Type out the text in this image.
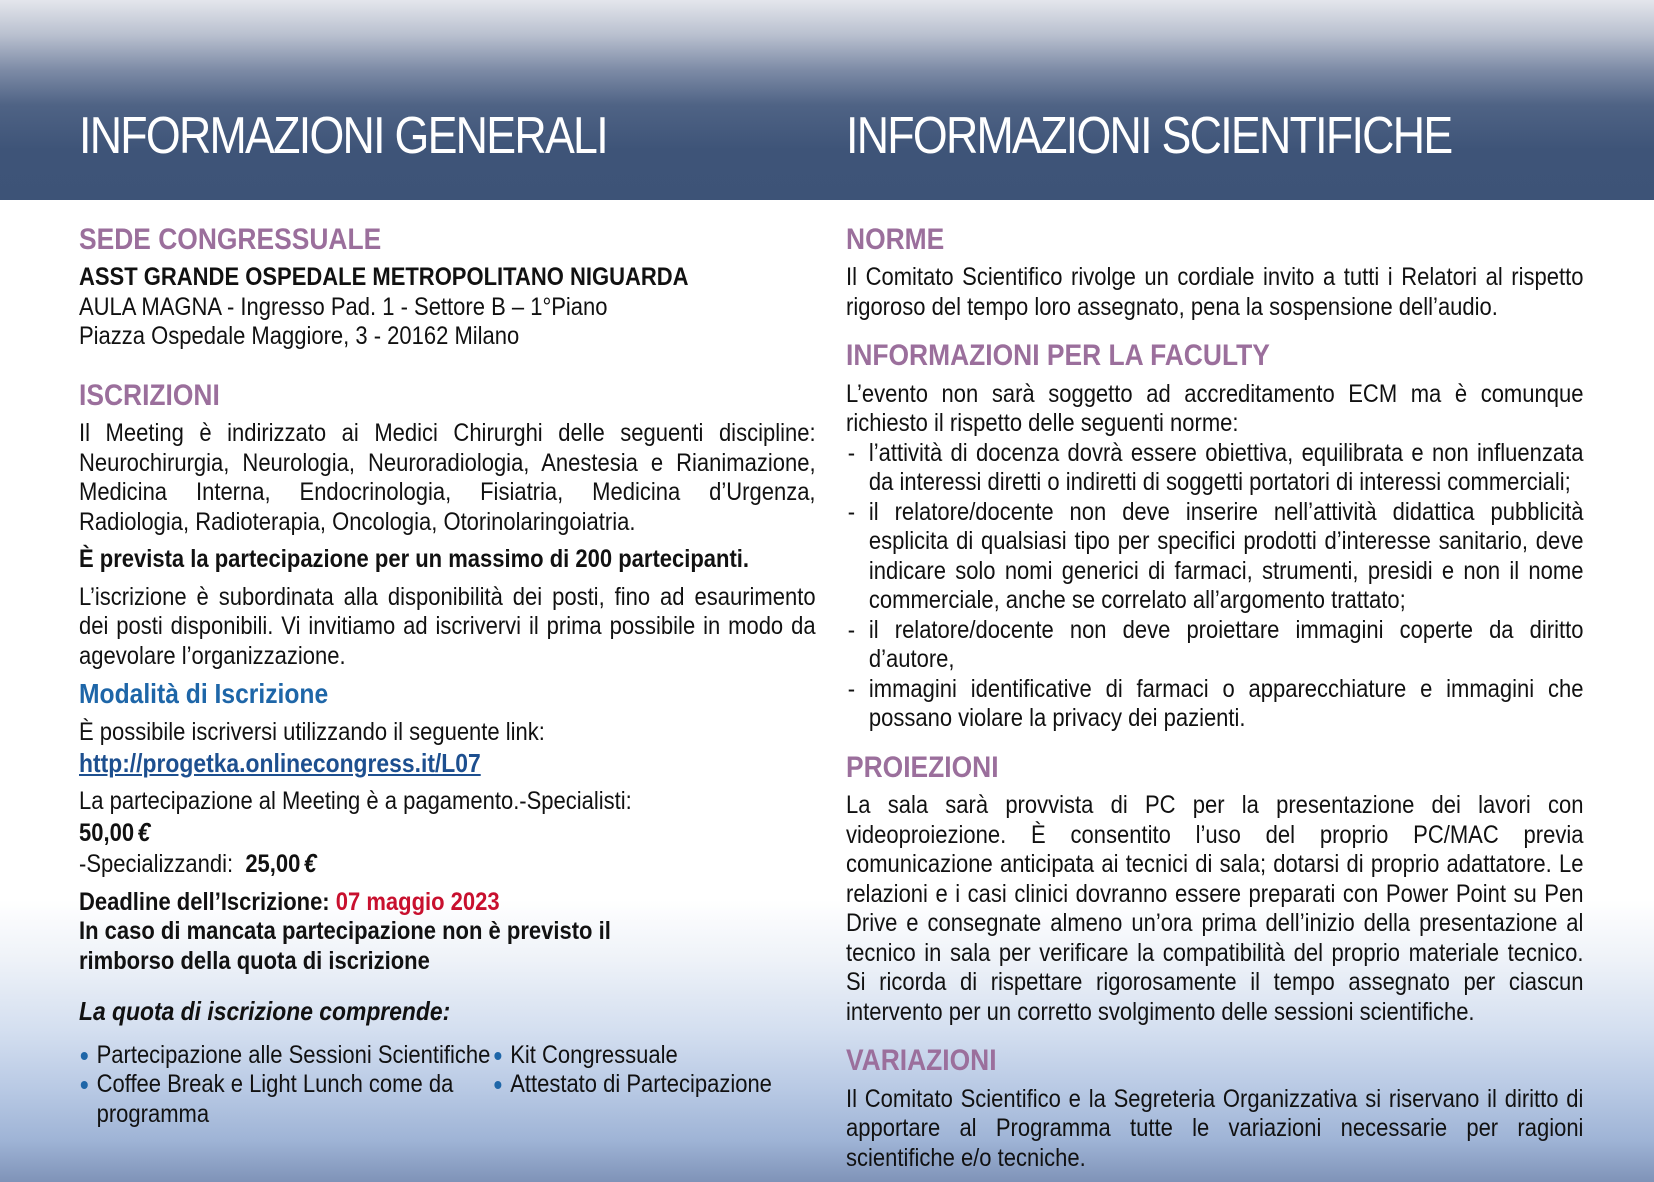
INFORMAZIONI GENERALI	INFORMAZIONI SCIENTIFICHE
SEDE CONGRESSUALE

ASST GRANDE OSPEDALE METROPOLITANO NIGUARDA

AULA MAGNA - Ingresso Pad. 1 - Settore B – 1°Piano

Piazza Ospedale Maggiore, 3 - 20162 Milano

ISCRIZIONI

Il Meeting è indirizzato ai Medici Chirurghi delle seguenti discipline: Neurochirurgia, Neurologia, Neuroradiologia, Anestesia e Rianimazione, Medicina Interna, Endocrinologia, Fisiatria, Medicina d’Urgenza, Radiologia, Radioterapia, Oncologia, Otorinolaringoiatria.

È prevista la partecipazione per un massimo di 200 partecipanti.

L’iscrizione è subordinata alla disponibilità dei posti, fino ad esaurimento dei posti disponibili. Vi invitiamo ad iscrivervi il prima possibile in modo da agevolare l’organizzazione.

Modalità di Iscrizione

È possibile iscriversi utilizzando il seguente link:

http://progetka.onlinecongress.it/L07

La partecipazione al Meeting è a pagamento.-Specialisti:

50,00 €

-Specializzandi: 25,00 €

Deadline dell’Iscrizione: 07 maggio 2023

In caso di mancata partecipazione non è previsto il rimborso della quota di iscrizione

La quota di iscrizione comprende:

Partecipazione alle Sessioni Scientifiche
Coffee Break e Light Lunch come da programma
Kit Congressuale
Attestato di Partecipazione
NORME

Il Comitato Scientifico rivolge un cordiale invito a tutti i Relatori al rispetto rigoroso del tempo loro assegnato, pena la sospensione dell’audio.

INFORMAZIONI PER LA FACULTY

L’evento non sarà soggetto ad accreditamento ECM ma è comunque richiesto il rispetto delle seguenti norme:

- l’attività di docenza dovrà essere obiettiva, equilibrata e non influenzata da interessi diretti o indiretti di soggetti portatori di interessi commerciali;
- il relatore/docente non deve inserire nell’attività didattica pubblicità esplicita di qualsiasi tipo per specifici prodotti d’interesse sanitario, deve indicare solo nomi generici di farmaci, strumenti, presidi e non il nome commerciale, anche se correlato all’argomento trattato;
- il relatore/docente non deve proiettare immagini coperte da diritto d’autore,
- immagini identificative di farmaci o apparecchiature e immagini che possano violare la privacy dei pazienti.
PROIEZIONI

La sala sarà provvista di PC per la presentazione dei lavori con videoproiezione. È consentito l’uso del proprio PC/MAC previa comunicazione anticipata ai tecnici di sala; dotarsi di proprio adattatore. Le relazioni e i casi clinici dovranno essere preparati con Power Point su Pen Drive e consegnate almeno un’ora prima dell’inizio della presentazione al tecnico in sala per verificare la compatibilità del proprio materiale tecnico. Si ricorda di rispettare rigorosamente il tempo assegnato per ciascun intervento per un corretto svolgimento delle sessioni scientifiche.

VARIAZIONI

Il Comitato Scientifico e la Segreteria Organizzativa si riservano il diritto di apportare al Programma tutte le variazioni necessarie per ragioni scientifiche e/o tecniche.
